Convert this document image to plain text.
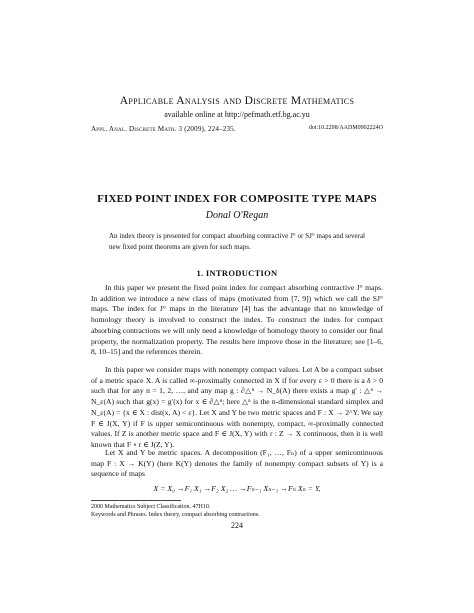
Applicable Analysis and Discrete Mathematics
available online at http://pefmath.etf.bg.ac.yu
Appl. Anal. Discrete Math. 3 (2009), 224–235.	doi:10.2298/AADM0902224O
FIXED POINT INDEX FOR COMPOSITE TYPE MAPS
Donal O'Regan
An index theory is presented for compact absorbing contractive J° or SJ° maps and several new fixed point theorems are given for such maps.
1. INTRODUCTION

In this paper we present the fixed point index for compact absorbing contractive J° maps. In addition we introduce a new class of maps (motivated from [7, 9]) which we call the SJ° maps. The index for J° maps in the literature [4] has the advantage that no knowledge of homology theory is involved to construct the index. To construct the index for compact absorbing contractions we will only need a knowledge of homology theory to consider our final property, the normalization property. The results here improve those in the literature; see [1–6, 8, 10–15] and the references therein.

In this paper we consider maps with nonempty compact values. Let A be a compact subset of a metric space X. A is called ∞-proximally connected in X if for every ε > 0 there is a δ > 0 such that for any n = 1, 2, …, and any map g : ∂△ⁿ → N_δ(A) there exists a map g′ : △ⁿ → N_ε(A) such that g(x) = g′(x) for x ∈ ∂△ⁿ; here △ⁿ is the n-dimensional standard simplex and N_ε(A) = {x ∈ X : dist(x, A) < ε}. Let X and Y be two metric spaces and F : X → 2^Y. We say F ∈ J(X, Y) if F is upper semicontinuous with nonempty, compact, ∞-proximally connected values. If Z is another metric space and F ∈ J(X, Y) with r : Z → X continuous, then it is well known that F ∘ r ∈ J(Z, Y).

Let X and Y be metric spaces. A decomposition (F₁, …, Fₙ) of a upper semicontinuous map F : X → K(Y) (here K(Y) denotes the family of nonempty compact subsets of Y) is a sequence of maps

X = X₀ →F₁ X₁ →F₂ X₂ … →Fₙ₋₁ Xₙ₋₁ →Fₙ Xₙ = Y,
2000 Mathematics Subject Classification. 47H10.
Keywords and Phrases. Index theory, compact absorbing contractions.
224
